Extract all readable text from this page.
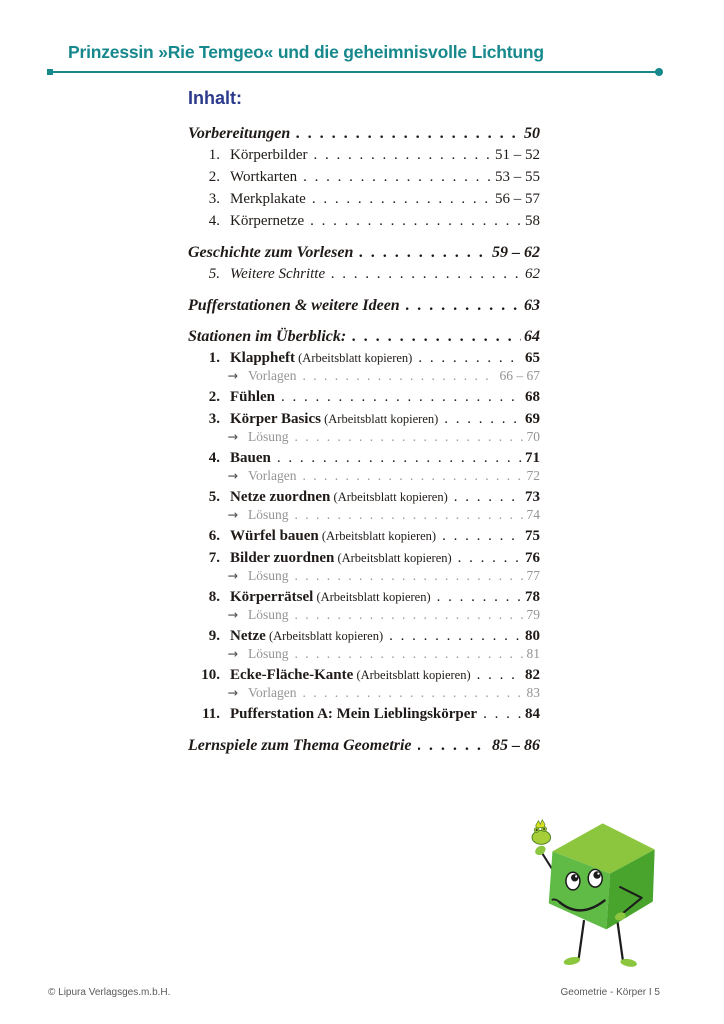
Prinzessin »Rie Temgeo« und die geheimnisvolle Lichtung
Inhalt:
Vorbereitungen . . .	50
1. Körperbilder . . .	51 – 52
2. Wortkarten . . .	53 – 55
3. Merkplakate . . .	56 – 57
4. Körpernetze . . .	58
Geschichte zum Vorlesen . . .	59 – 62
5. Weitere Schritte . . .	62
Pufferstationen & weitere Ideen . . .	63
Stationen im Überblick: . . .	64
1. Klappheft (Arbeitsblatt kopieren) . . .	65
→ Vorlagen . . .	66 – 67
2. Fühlen . . .	68
3. Körper Basics (Arbeitsblatt kopieren) . . .	69
→ Lösung . . .	70
4. Bauen . . .	71
→ Vorlagen . . .	72
5. Netze zuordnen (Arbeitsblatt kopieren) . . .	73
→ Lösung . . .	74
6. Würfel bauen (Arbeitsblatt kopieren) . . .	75
7. Bilder zuordnen (Arbeitsblatt kopieren) . . .	76
→ Lösung . . .	77
8. Körperrätsel (Arbeitsblatt kopieren) . . .	78
→ Lösung . . .	79
9. Netze (Arbeitsblatt kopieren) . . .	80
→ Lösung . . .	81
10. Ecke-Fläche-Kante (Arbeitsblatt kopieren) . . .	82
→ Vorlagen . . .	83
11. Pufferstation A: Mein Lieblingskörper . . .	84
Lernspiele zum Thema Geometrie . . .	85 – 86
© Lipura Verlagsges.m.b.H.	Geometrie - Körper I 5
